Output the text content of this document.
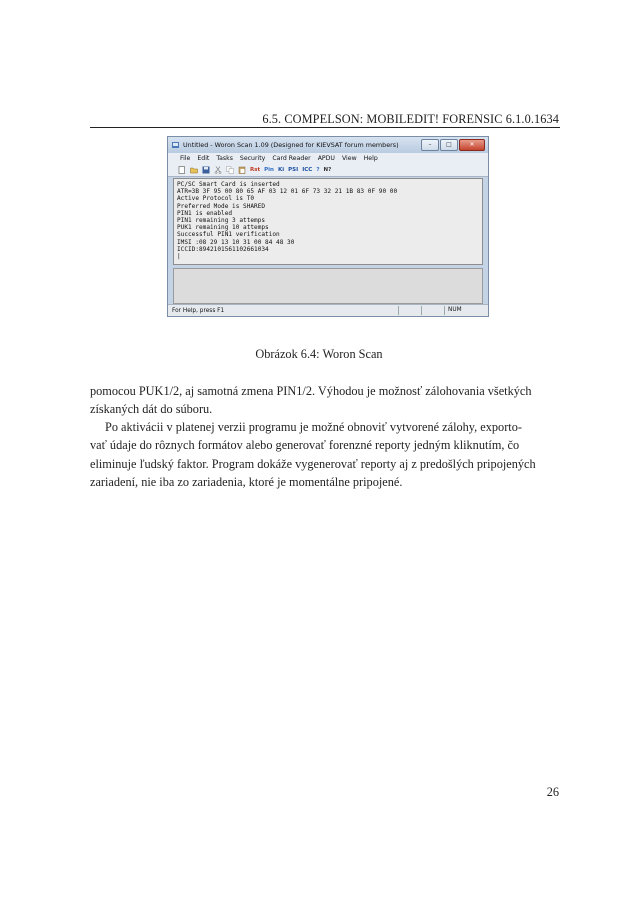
6.5. COMPELSON: MOBILEDIT! FORENSIC 6.1.0.1634
Untitled - Woron Scan 1.09 (Designed for KIEVSAT forum members)	–	□	✕
File Edit Tasks Security Card Reader APDU View Help
Rst Pin Ki PSI ICC ? N?
PC/SC Smart Card is inserted
ATR=3B 3F 95 00 80 65 AF 03 12 01 6F 73 32 21 1B 83 0F 90 00
Active Protocol is T0
Preferred Mode is SHARED
PIN1 is enabled
PIN1 remaining 3 attemps
PUK1 remaining 10 attemps
Successful PIN1 verification
IMSI :08 29 13 10 31 00 84 48 30
ICCID:8942101561102661034
|
For Help, press F1	NUM
Obrázok 6.4: Woron Scan
pomocou PUK1/2, aj samotná zmena PIN1/2. Výhodou je možnosť zálohovania všetkých
získaných dát do súboru.
Po aktivácii v platenej verzii programu je možné obnoviť vytvorené zálohy, exporto-
vať údaje do rôznych formátov alebo generovať forenzné reporty jedným kliknutím, čo
eliminuje ľudský faktor. Program dokáže vygenerovať reporty aj z predošlých pripojených
zariadení, nie iba zo zariadenia, ktoré je momentálne pripojené.
26
